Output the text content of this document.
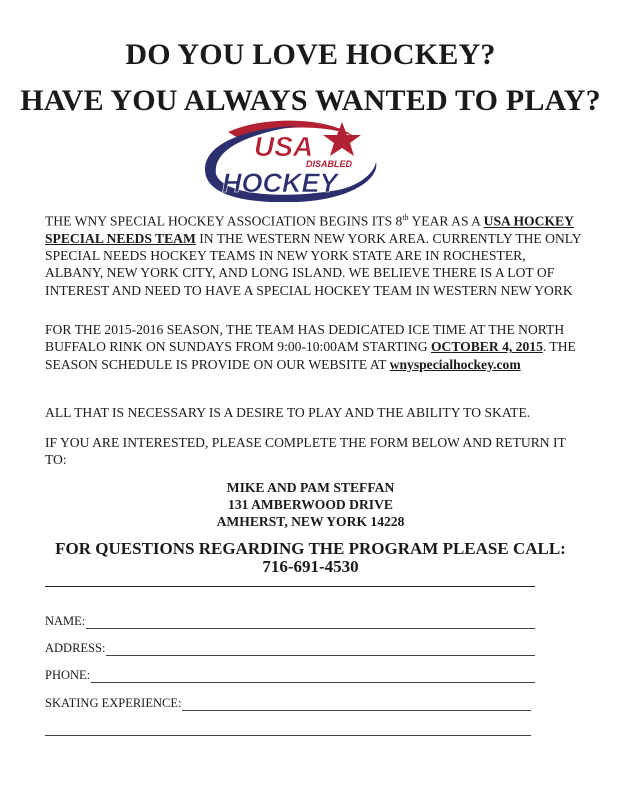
DO YOU LOVE HOCKEY?
HAVE YOU ALWAYS WANTED TO PLAY?
USA
DISABLED
HOCKEY

THE WNY SPECIAL HOCKEY ASSOCIATION BEGINS ITS 8th YEAR AS A USA HOCKEY SPECIAL NEEDS TEAM IN THE WESTERN NEW YORK AREA. CURRENTLY THE ONLY SPECIAL NEEDS HOCKEY TEAMS IN NEW YORK STATE ARE IN ROCHESTER, ALBANY, NEW YORK CITY, AND LONG ISLAND. WE BELIEVE THERE IS A LOT OF INTEREST AND NEED TO HAVE A SPECIAL HOCKEY TEAM IN WESTERN NEW YORK

FOR THE 2015-2016 SEASON, THE TEAM HAS DEDICATED ICE TIME AT THE NORTH BUFFALO RINK ON SUNDAYS FROM 9:00-10:00AM STARTING OCTOBER 4, 2015. THE SEASON SCHEDULE IS PROVIDE ON OUR WEBSITE AT wnyspecialhockey.com

ALL THAT IS NECESSARY IS A DESIRE TO PLAY AND THE ABILITY TO SKATE.

IF YOU ARE INTERESTED, PLEASE COMPLETE THE FORM BELOW AND RETURN IT TO:

MIKE AND PAM STEFFAN
131 AMBERWOOD DRIVE
AMHERST, NEW YORK 14228
FOR QUESTIONS REGARDING THE PROGRAM PLEASE CALL:
716-691-4530
NAME:
ADDRESS:
PHONE:
SKATING EXPERIENCE:
